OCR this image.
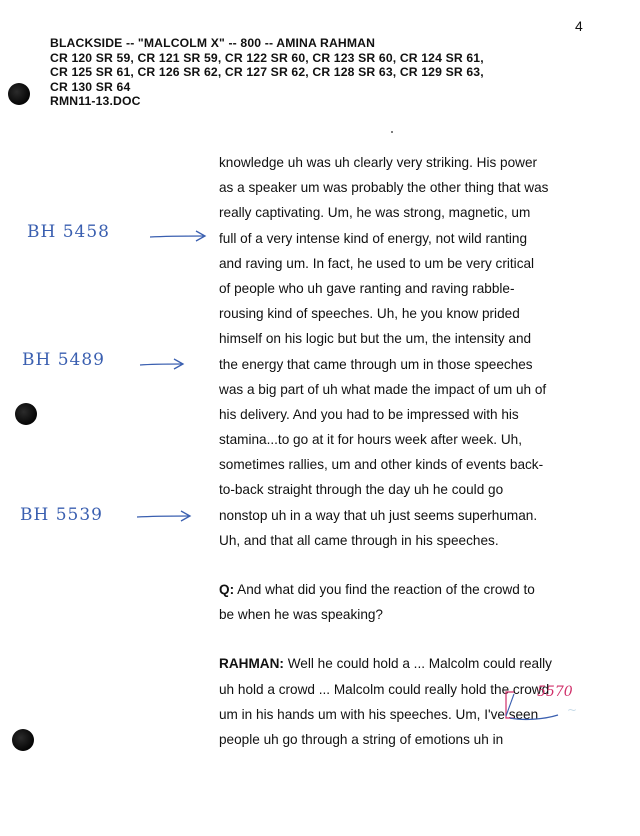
4
BLACKSIDE -- "MALCOLM X" -- 800 -- AMINA RAHMAN
CR 120 SR 59, CR 121 SR 59, CR 122 SR 60, CR 123 SR 60, CR 124 SR 61,
CR 125 SR 61, CR 126 SR 62, CR 127 SR 62, CR 128 SR 63, CR 129 SR 63,
CR 130 SR 64
RMN11-13.DOC
BH 5458
BH 5489
BH 5539
knowledge uh was uh clearly very striking. His power
as a speaker um was probably the other thing that was
really captivating. Um, he was strong, magnetic, um
full of a very intense kind of energy, not wild ranting
and raving um. In fact, he used to um be very critical
of people who uh gave ranting and raving rabble-
rousing kind of speeches. Uh, he you know prided
himself on his logic but but the um, the intensity and
the energy that came through um in those speeches
was a big part of uh what made the impact of um uh of
his delivery. And you had to be impressed with his
stamina...to go at it for hours week after week. Uh,
sometimes rallies, um and other kinds of events back-
to-back straight through the day uh he could go
nonstop uh in a way that uh just seems superhuman.
Uh, and that all came through in his speeches.
Q: And what did you find the reaction of the crowd to
be when he was speaking?
RAHMAN: Well he could hold a ... Malcolm could really
uh hold a crowd ... Malcolm could really hold the crowd
um in his hands um with his speeches. Um, I've seen
people uh go through a string of emotions uh in
5570
~
